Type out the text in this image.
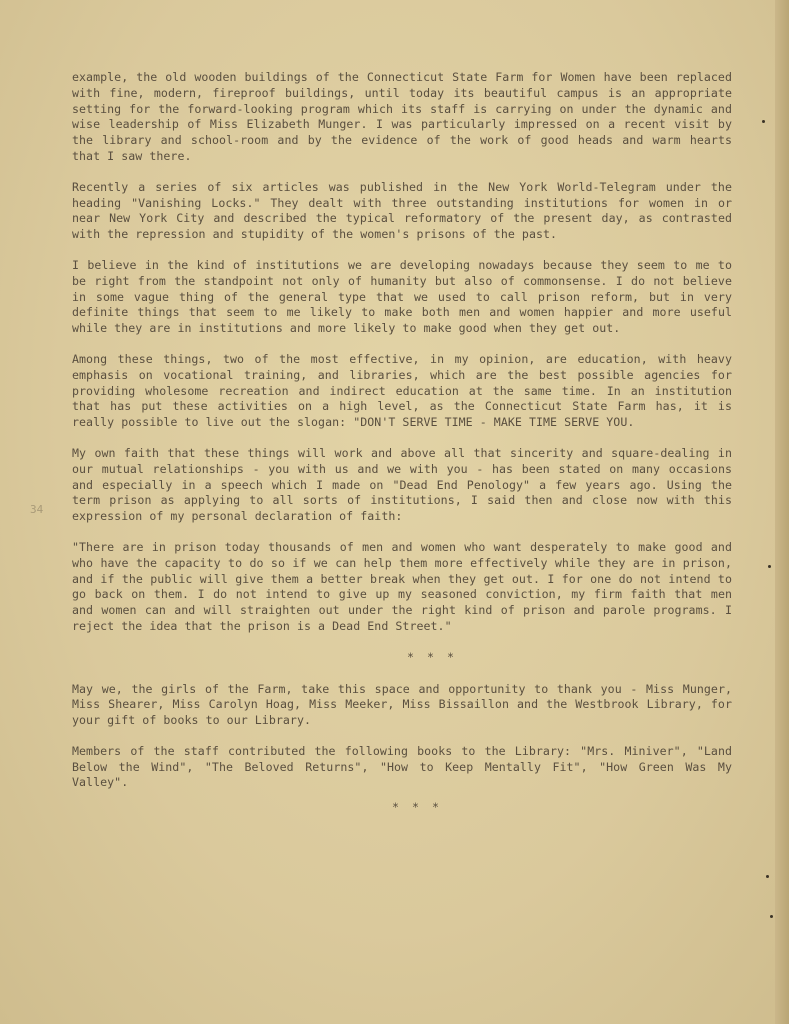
34

example, the old wooden buildings of the Connecticut State Farm for Women have been replaced with fine, modern, fireproof buildings, until today its beautiful campus is an appropriate setting for the forward-looking program which its staff is carrying on under the dynamic and wise leadership of Miss Elizabeth Munger. I was particularly impressed on a recent visit by the library and school-room and by the evidence of the work of good heads and warm hearts that I saw there.

Recently a series of six articles was published in the New York World-Telegram under the heading "Vanishing Locks." They dealt with three outstanding institutions for women in or near New York City and described the typical reformatory of the present day, as contrasted with the repression and stupidity of the women's prisons of the past.

I believe in the kind of institutions we are developing nowadays because they seem to me to be right from the standpoint not only of humanity but also of commonsense. I do not believe in some vague thing of the general type that we used to call prison reform, but in very definite things that seem to me likely to make both men and women happier and more useful while they are in institutions and more likely to make good when they get out.

Among these things, two of the most effective, in my opinion, are education, with heavy emphasis on vocational training, and libraries, which are the best possible agencies for providing wholesome recreation and indirect education at the same time. In an institution that has put these activities on a high level, as the Connecticut State Farm has, it is really possible to live out the slogan: "DON'T SERVE TIME - MAKE TIME SERVE YOU.

My own faith that these things will work and above all that sincerity and square-dealing in our mutual relationships - you with us and we with you - has been stated on many occasions and especially in a speech which I made on "Dead End Penology" a few years ago. Using the term prison as applying to all sorts of institutions, I said then and close now with this expression of my personal declaration of faith:

"There are in prison today thousands of men and women who want desperately to make good and who have the capacity to do so if we can help them more effectively while they are in prison, and if the public will give them a better break when they get out. I for one do not intend to go back on them. I do not intend to give up my seasoned conviction, my firm faith that men and women can and will straighten out under the right kind of prison and parole programs. I reject the idea that the prison is a Dead End Street."

* * *

May we, the girls of the Farm, take this space and opportunity to thank you - Miss Munger, Miss Shearer, Miss Carolyn Hoag, Miss Meeker, Miss Bissaillon and the Westbrook Library, for your gift of books to our Library.

Members of the staff contributed the following books to the Library: "Mrs. Miniver", "Land Below the Wind", "The Beloved Returns", "How to Keep Mentally Fit", "How Green Was My Valley".

* * *
